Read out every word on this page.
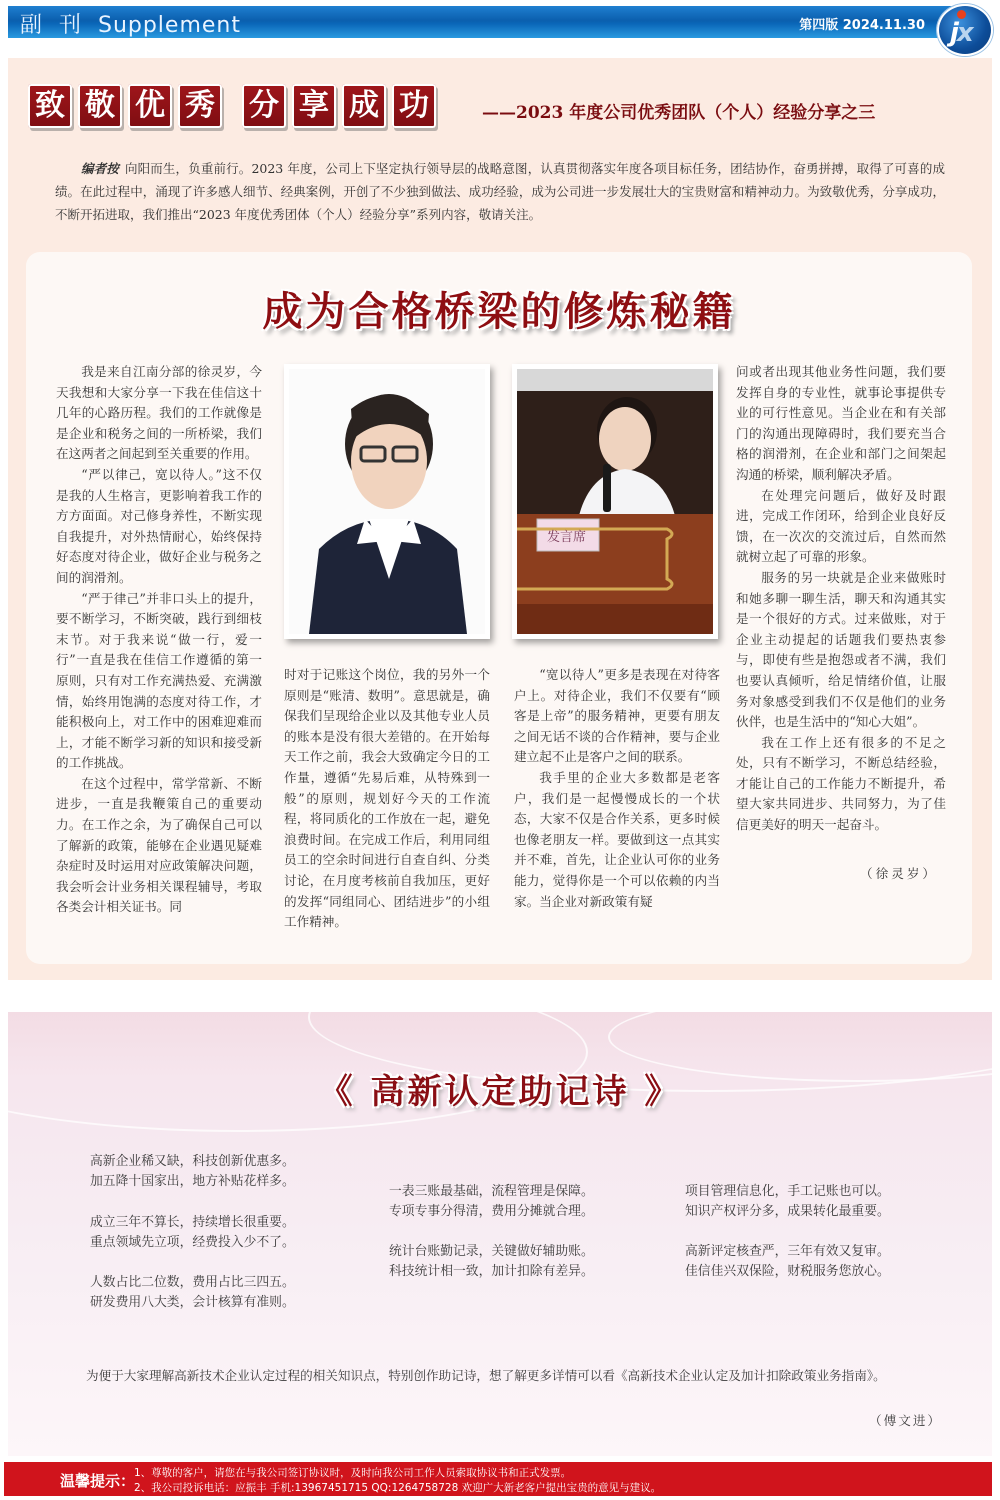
副  刊  Supplement	第四版 2024.11.30 jx
致 敬 优 秀 分 享 成 功	——2023 年度公司优秀团队（个人）经验分享之三
编者按 向阳而生，负重前行。2023 年度，公司上下坚定执行领导层的战略意图，认真贯彻落实年度各项目标任务，团结协作，奋勇拼搏，取得了可喜的成绩。在此过程中，涌现了许多感人细节、经典案例，开创了不少独到做法、成功经验，成为公司进一步发展壮大的宝贵财富和精神动力。为致敬优秀，分享成功，不断开拓进取，我们推出“2023 年度优秀团体（个人）经验分享”系列内容，敬请关注。
成为合格桥梁的修炼秘籍

我是来自江南分部的徐灵岁，今天我想和大家分享一下我在佳信这十几年的心路历程。我们的工作就像是是企业和税务之间的一所桥梁，我们在这两者之间起到至关重要的作用。

“严以律己，宽以待人。”这不仅是我的人生格言，更影响着我工作的方方面面。对己修身养性，不断实现自我提升，对外热情耐心，始终保持好态度对待企业，做好企业与税务之间的润滑剂。

“严于律己”并非口头上的提升，要不断学习，不断突破，践行到细枝末节。对于我来说“做一行，爱一行”一直是我在佳信工作遵循的第一原则，只有对工作充满热爱、充满激情，始终用饱满的态度对待工作，才能积极向上，对工作中的困难迎难而上，才能不断学习新的知识和接受新的工作挑战。

在这个过程中，常学常新、不断进步，一直是我鞭策自己的重要动力。在工作之余，为了确保自己可以了解新的政策，能够在企业遇见疑难杂症时及时运用对应政策解决问题，我会听会计业务相关课程辅导，考取各类会计相关证书。同

发言席

时对于记账这个岗位，我的另外一个原则是“账清、数明”。意思就是，确保我们呈现给企业以及其他专业人员的账本是没有很大差错的。在开始每天工作之前，我会大致确定今日的工作量，遵循“先易后难，从特殊到一般”的原则，规划好今天的工作流程，将同质化的工作放在一起，避免浪费时间。在完成工作后，利用同组员工的空余时间进行自查自纠、分类讨论，在月度考核前自我加压，更好的发挥“同组同心、团结进步”的小组工作精神。

“宽以待人”更多是表现在对待客户上。对待企业，我们不仅要有“顾客是上帝”的服务精神，更要有朋友之间无话不谈的合作精神，要与企业建立起不止是客户之间的联系。

我手里的企业大多数都是老客户，我们是一起慢慢成长的一个状态，大家不仅是合作关系，更多时候也像老朋友一样。要做到这一点其实并不难，首先，让企业认可你的业务能力，觉得你是一个可以依赖的内当家。当企业对新政策有疑

问或者出现其他业务性问题，我们要发挥自身的专业性，就事论事提供专业的可行性意见。当企业在和有关部门的沟通出现障碍时，我们要充当合格的润滑剂，在企业和部门之间架起沟通的桥梁，顺利解决矛盾。

在处理完问题后，做好及时跟进，完成工作闭环，给到企业良好反馈，在一次次的交流过后，自然而然就树立起了可靠的形象。

服务的另一块就是企业来做账时和她多聊一聊生活，聊天和沟通其实是一个很好的方式。过来做账，对于企业主动提起的话题我们要热衷参与，即使有些是抱怨或者不满，我们也要认真倾听，给足情绪价值，让服务对象感受到我们不仅是他们的业务伙伴，也是生活中的“知心大姐”。

我在工作上还有很多的不足之处，只有不断学习，不断总结经验，才能让自己的工作能力不断提升，希望大家共同进步、共同努力，为了佳信更美好的明天一起奋斗。

（徐灵岁）
《 高新认定助记诗 》
高新企业稀又缺，科技创新优惠多。
加五降十国家出，地方补贴花样多。
成立三年不算长，持续增长很重要。
重点领域先立项，经费投入少不了。
人数占比二位数，费用占比三四五。
研发费用八大类，会计核算有准则。
一表三账最基础，流程管理是保障。
专项专事分得清，费用分摊就合理。
统计台账勤记录，关键做好辅助账。
科技统计相一致，加计扣除有差异。
项目管理信息化，手工记账也可以。
知识产权评分多，成果转化最重要。
高新评定核查严，三年有效又复审。
佳信佳兴双保险，财税服务您放心。
为便于大家理解高新技术企业认定过程的相关知识点，特别创作助记诗，想了解更多详情可以看《高新技术企业认定及加计扣除政策业务指南》。
（傅文进）
温馨提示：
1、尊敬的客户，请您在与我公司签订协议时，及时向我公司工作人员索取协议书和正式发票。
2、我公司投诉电话：应振丰 手机:13967451715 QQ:1264758728 欢迎广大新老客户提出宝贵的意见与建议。
